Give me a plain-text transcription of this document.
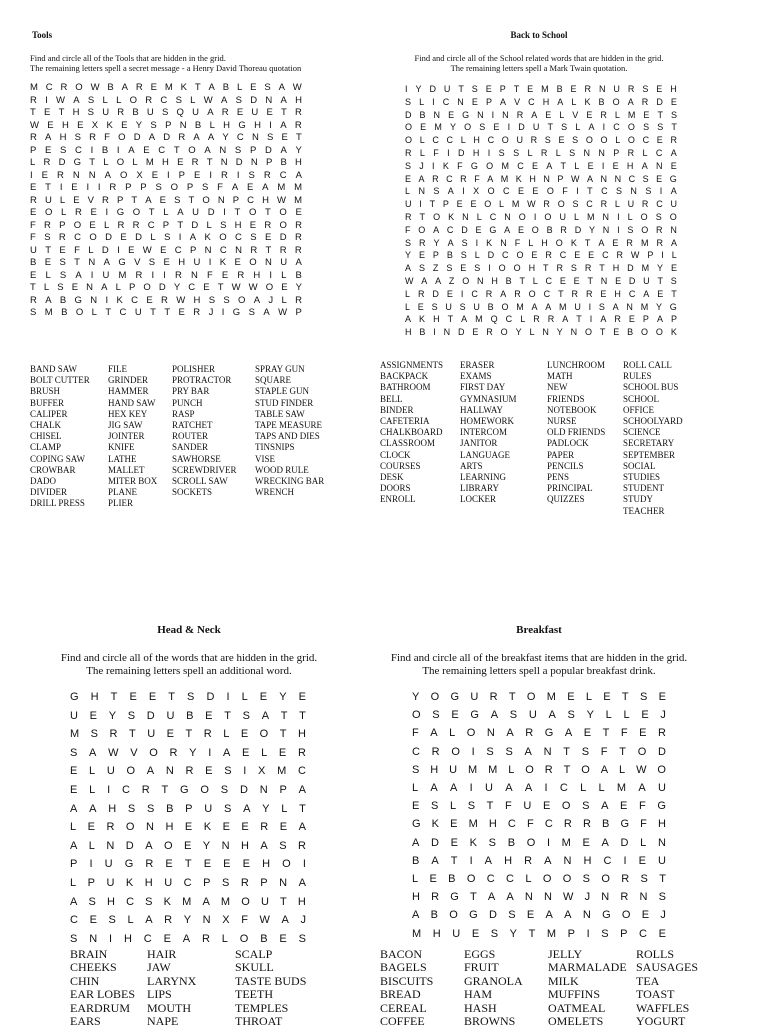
Tools
Find and circle all of the Tools that are hidden in the grid.
The remaining letters spell a secret message - a Henry David Thoreau quotation
M C R O W B A R E M K T A B L E S A W
R I W A S L L O R C S L W A S D N A H
T E T H S U R B U S Q U A R E U E T R
W E H E X K E Y S P N B L H G H I A R
R A H S R F O D A D R A A Y C N S E T
P E S C I B I A E C T O A N S P D A Y
L R D G T L O L M H E R T N D N P B H
I E R N N A O X E I P E I R I S R C A
E T I E I I R P P S O P S F A E A M M
R U L E V R P T A E S T O N P C H W M
E O L R E I G O T L A U D I T O T O E
F R P O E L R R C P T D L S H E R O R
F S R C O D E D L S I A K O C S E D R
U T E F L D I E W E C P N C N R T R R
B E S T N A G V S E H U I K E O N U A
E L S A I U M R I I R N F E R H I L B
T L S E N A L P O D Y C E T W W O E Y
R A B G N I K C E R W H S S O A J L R
S M B O L T C U T T E R J I G S A W P
BAND SAW
BOLT CUTTER
BRUSH
BUFFER
CALIPER
CHALK
CHISEL
CLAMP
COPING SAW
CROWBAR
DADO
DIVIDER
DRILL PRESS
FILE
GRINDER
HAMMER
HAND SAW
HEX KEY
JIG SAW
JOINTER
KNIFE
LATHE
MALLET
MITER BOX
PLANE
PLIER
POLISHER
PROTRACTOR
PRY BAR
PUNCH
RASP
RATCHET
ROUTER
SANDER
SAWHORSE
SCREWDRIVER
SCROLL SAW
SOCKETS
SPRAY GUN
SQUARE
STAPLE GUN
STUD FINDER
TABLE SAW
TAPE MEASURE
TAPS AND DIES
TINSNIPS
VISE
WOOD RULE
WRECKING BAR
WRENCH
Back to School
Find and circle all of the School related words that are hidden in the grid.
The remaining letters spell a Mark Twain quotation.
I Y D U T S E P T E M B E R N U R S E H
S L I C N E P A V C H A L K B O A R D E
D B N E G N I N R A E L V E R L M E T S
O E M Y O S E I D U T S L A I C O S S T
O L C C L H C O U R S E S O O L O C E R
R L F I D H I S S L R L S N N P R L C A
S J I K F G O M C E A T L E I E H A N E
E A R C R F A M K H N P W A N N C S E G
L N S A I X O C E E O F I T C S N S I A
U I T P E E O L M W R O S C R L U R C U
R T O K N L C N O I O U L M N I L O S O
F O A C D E G A E O B R D Y N I S O R N
S R Y A S I K N F L H O K T A E R M R A
Y E P B S L D C O E R C E E C R W P I L
A S Z S E S I O O H T R S R T H D M Y E
W A A Z O N H B T L C E E T N E D U T S
L R D E I C R A R O C T R R E H C A E T
L E S U S U B O M A A M U I S A N M Y G
A K H T A M Q C L R R A T I A R E P A P
H B I N D E R O Y L N Y N O T E B O O K
ASSIGNMENTS
BACKPACK
BATHROOM
BELL
BINDER
CAFETERIA
CHALKBOARD
CLASSROOM
CLOCK
COURSES
DESK
DOORS
ENROLL
ERASER
EXAMS
FIRST DAY
GYMNASIUM
HALLWAY
HOMEWORK
INTERCOM
JANITOR
LANGUAGE
ARTS
LEARNING
LIBRARY
LOCKER
LUNCHROOM
MATH
NEW
FRIENDS
NOTEBOOK
NURSE
OLD FRIENDS
PADLOCK
PAPER
PENCILS
PENS
PRINCIPAL
QUIZZES
ROLL CALL
RULES
SCHOOL BUS
SCHOOL
OFFICE
SCHOOLYARD
SCIENCE
SECRETARY
SEPTEMBER
SOCIAL
STUDIES
STUDENT
STUDY
TEACHER
Head & Neck
Find and circle all of the words that are hidden in the grid.
The remaining letters spell an additional word.
G H T E E T S D I L E Y E
U E Y S D U B E T S A T T
M S R T U E T R L E O T H
S A W V O R Y I A E L E R
E L U O A N R E S I X M C
E L I C R T G O S D N P A
A A H S S B P U S A Y L T
L E R O N H E K E E R E A
A L N D A O E Y N H A S R
P I U G R E T E E E H O I
L P U K H U C P S R P N A
A S H C S K M A M O U T H
C E S L A R Y N X F W A J
S N I H C E A R L O B E S
BRAIN
CHEEKS
CHIN
EAR LOBES
EARDRUM
EARS
HAIR
JAW
LARYNX
LIPS
MOUTH
NAPE
SCALP
SKULL
TASTE BUDS
TEETH
TEMPLES
THROAT
Breakfast
Find and circle all of the breakfast items that are hidden in the grid.
The remaining letters spell a popular breakfast drink.
Y O G U R T O M E L E T S E
O S E G A S U A S Y L L E J
F A L O N A R G A E T F E R
C R O I S S A N T S F T O D
S H U M M L O R T O A L W O
L A A I U A A I C L L M A U
E S L S T F U E O S A E F G
G K E M H C F C R R B G F H
A D E K S B O I M E A D L N
B A T I A H R A N H C I E U
L E B O C C L O O S O R S T
H R G T A A N N W J N R N S
A B O G D S E A A N G O E J
M H U E S Y T M P I S P C E
BACON
BAGELS
BISCUITS
BREAD
CEREAL
COFFEE
EGGS
FRUIT
GRANOLA
HAM
HASH
BROWNS
JELLY
MARMALADE
MILK
MUFFINS
OATMEAL
OMELETS
ROLLS
SAUSAGES
TEA
TOAST
WAFFLES
YOGURT
